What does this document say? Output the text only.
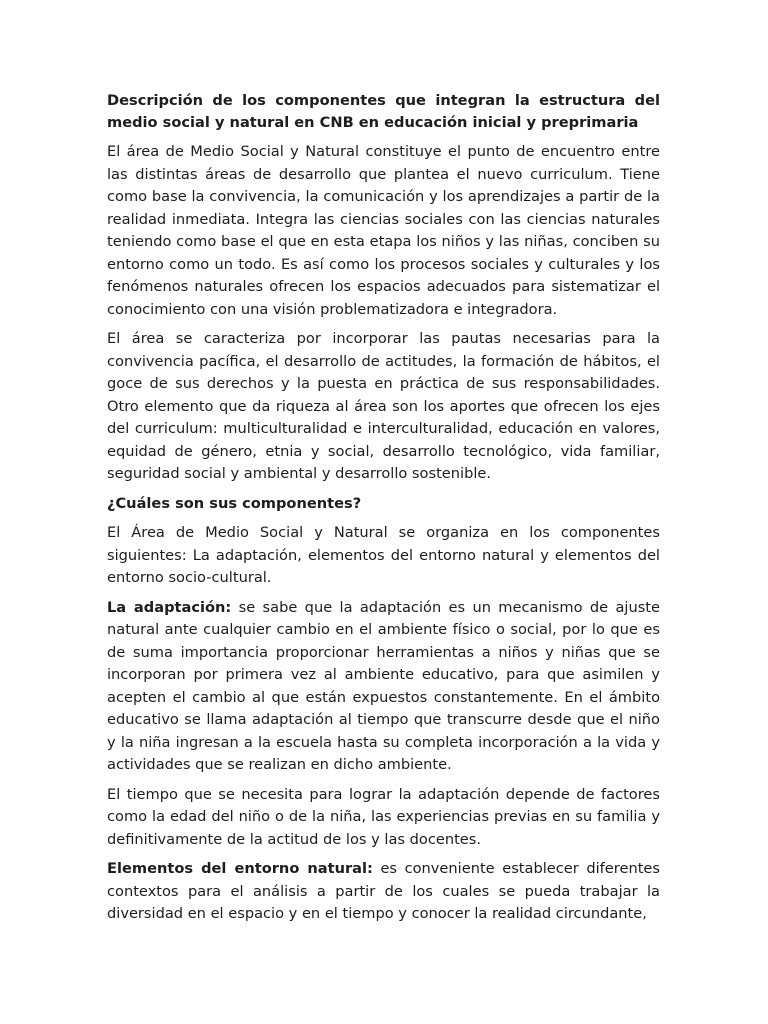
Descripción de los componentes que integran la estructura del medio social y natural en CNB en educación inicial y preprimaria

El área de Medio Social y Natural constituye el punto de encuentro entre las distintas áreas de desarrollo que plantea el nuevo curriculum. Tiene como base la convivencia, la comunicación y los aprendizajes a partir de la realidad inmediata. Integra las ciencias sociales con las ciencias naturales teniendo como base el que en esta etapa los niños y las niñas, conciben su entorno como un todo. Es así como los procesos sociales y culturales y los fenómenos naturales ofrecen los espacios adecuados para sistematizar el conocimiento con una visión problematizadora e integradora.

El área se caracteriza por incorporar las pautas necesarias para la convivencia pacífica, el desarrollo de actitudes, la formación de hábitos, el goce de sus derechos y la puesta en práctica de sus responsabilidades. Otro elemento que da riqueza al área son los aportes que ofrecen los ejes del curriculum: multiculturalidad e interculturalidad, educación en valores, equidad de género, etnia y social, desarrollo tecnológico, vida familiar, seguridad social y ambiental y desarrollo sostenible.

¿Cuáles son sus componentes?

El Área de Medio Social y Natural se organiza en los componentes siguientes: La adaptación, elementos del entorno natural y elementos del entorno socio-cultural.

La adaptación: se sabe que la adaptación es un mecanismo de ajuste natural ante cualquier cambio en el ambiente físico o social, por lo que es de suma importancia proporcionar herramientas a niños y niñas que se incorporan por primera vez al ambiente educativo, para que asimilen y acepten el cambio al que están expuestos constantemente. En el ámbito educativo se llama adaptación al tiempo que transcurre desde que el niño y la niña ingresan a la escuela hasta su completa incorporación a la vida y actividades que se realizan en dicho ambiente.

El tiempo que se necesita para lograr la adaptación depende de factores como la edad del niño o de la niña, las experiencias previas en su familia y definitivamente de la actitud de los y las docentes.

Elementos del entorno natural: es conveniente establecer diferentes contextos para el análisis a partir de los cuales se pueda trabajar la diversidad en el espacio y en el tiempo y conocer la realidad circundante,
